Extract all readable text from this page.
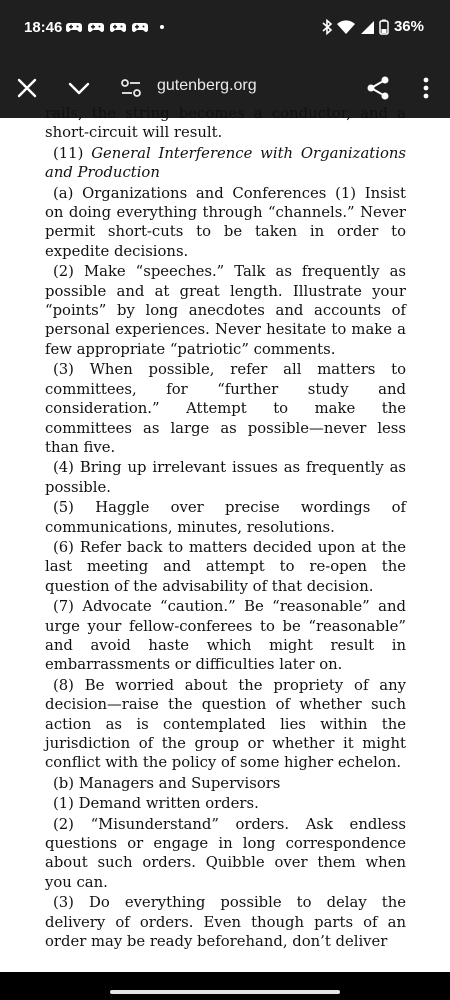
18:46	36%
gutenberg.org

rails, the string becomes a conductor, and a short-circuit will result.

(11) General Interference with Organizations and Production

(a) Organizations and Conferences (1) Insist on doing everything through “channels.” Never permit short-cuts to be taken in order to expedite decisions.

(2) Make “speeches.” Talk as frequently as possible and at great length. Illustrate your “points” by long anecdotes and accounts of personal experiences. Never hesitate to make a few appropriate “patriotic” comments.

(3) When possible, refer all matters to committees, for “further study and consideration.” Attempt to make the committees as large as possible—never less than five.

(4) Bring up irrelevant issues as frequently as possible.

(5) Haggle over precise wordings of communications, minutes, resolutions.

(6) Refer back to matters decided upon at the last meeting and attempt to re-open the question of the advisability of that decision.

(7) Advocate “caution.” Be “reasonable” and urge your fellow-conferees to be “reasonable” and avoid haste which might result in embarrassments or difficulties later on.

(8) Be worried about the propriety of any decision—raise the question of whether such action as is contemplated lies within the jurisdiction of the group or whether it might conflict with the policy of some higher echelon.

(b) Managers and Supervisors

(1) Demand written orders.

(2) “Misunderstand” orders. Ask endless questions or engage in long correspondence about such orders. Quibble over them when you can.

(3) Do everything possible to delay the delivery of orders. Even though parts of an order may be ready beforehand, don’t deliver
